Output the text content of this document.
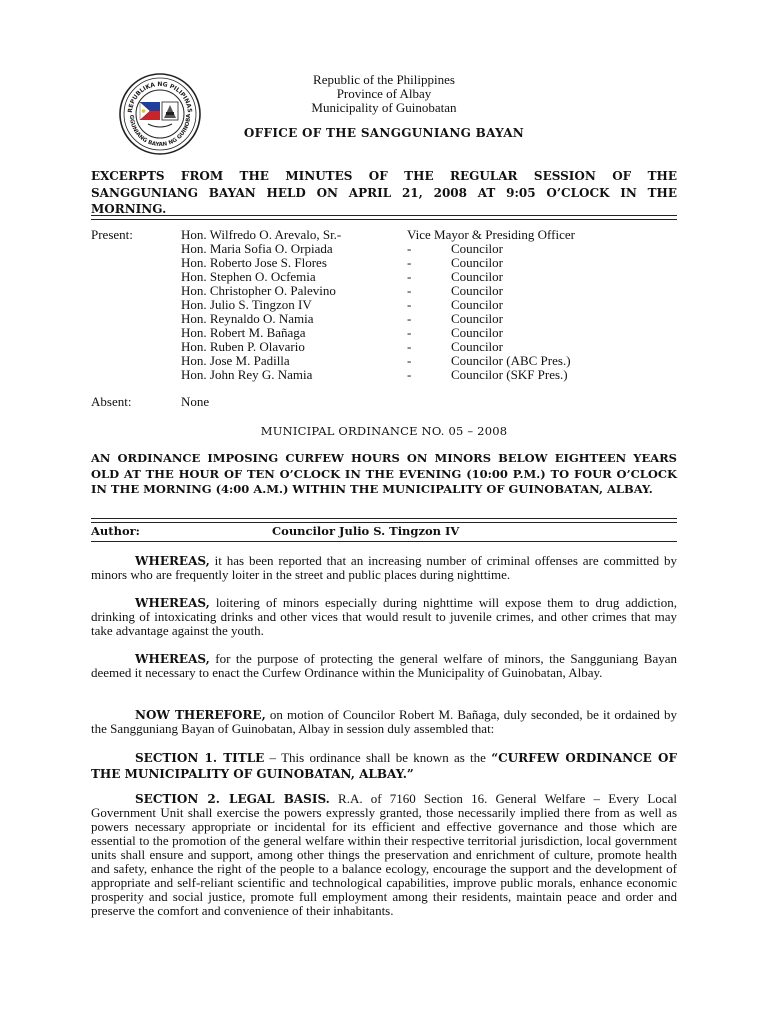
REPUBLIKA NG PILIPINAS
GGUNIANG BAYAN NG GUINOBA
Republic of the Philippines
Province of Albay
Municipality of Guinobatan
OFFICE OF THE SANGGUNIANG BAYAN
EXCERPTS FROM THE MINUTES OF THE REGULAR SESSION OF THE
SANGGUNIANG BAYAN HELD ON APRIL 21, 2008 AT 9:05 O’CLOCK IN THE
MORNING.
Present:	Hon. Wilfredo O. Arevalo, Sr.-	Vice Mayor & Presiding Officer
Hon. Maria Sofia O. Orpiada	-	Councilor
Hon. Roberto Jose S. Flores	-	Councilor
Hon. Stephen O. Ocfemia	-	Councilor
Hon. Christopher O. Palevino	-	Councilor
Hon. Julio S. Tingzon IV	-	Councilor
Hon. Reynaldo O. Namia	-	Councilor
Hon. Robert M. Bañaga	-	Councilor
Hon. Ruben P. Olavario	-	Councilor
Hon. Jose M. Padilla	-	Councilor (ABC Pres.)
Hon. John Rey G. Namia	-	Councilor (SKF Pres.)
Absent:	None
MUNICIPAL ORDINANCE NO. 05 – 2008
AN ORDINANCE IMPOSING CURFEW HOURS ON MINORS BELOW EIGHTEEN YEARS OLD AT THE HOUR OF TEN O’CLOCK IN THE EVENING (10:00 P.M.) TO FOUR O’CLOCK IN THE MORNING (4:00 A.M.) WITHIN THE MUNICIPALITY OF GUINOBATAN, ALBAY.
Author:	Councilor Julio S. Tingzon IV
WHEREAS, it has been reported that an increasing number of criminal offenses are committed by minors who are frequently loiter in the street and public places during nighttime.
WHEREAS, loitering of minors especially during nighttime will expose them to drug addiction, drinking of intoxicating drinks and other vices that would result to juvenile crimes, and other crimes that may take advantage against the youth.
WHEREAS, for the purpose of protecting the general welfare of minors, the Sangguniang Bayan deemed it necessary to enact the Curfew Ordinance within the Municipality of Guinobatan, Albay.
NOW THEREFORE, on motion of Councilor Robert M. Bañaga, duly seconded, be it ordained by the Sangguniang Bayan of Guinobatan, Albay in session duly assembled that:
SECTION 1. TITLE – This ordinance shall be known as the “CURFEW ORDINANCE OF THE MUNICIPALITY OF GUINOBATAN, ALBAY.”
SECTION 2. LEGAL BASIS. R.A. of 7160 Section 16. General Welfare – Every Local Government Unit shall exercise the powers expressly granted, those necessarily implied there from as well as powers necessary appropriate or incidental for its efficient and effective governance and those which are essential to the promotion of the general welfare within their respective territorial jurisdiction, local government units shall ensure and support, among other things the preservation and enrichment of culture, promote health and safety, enhance the right of the people to a balance ecology, encourage the support and the development of appropriate and self-reliant scientific and technological capabilities, improve public morals, enhance economic prosperity and social justice, promote full employment among their residents, maintain peace and order and preserve the comfort and convenience of their inhabitants.
